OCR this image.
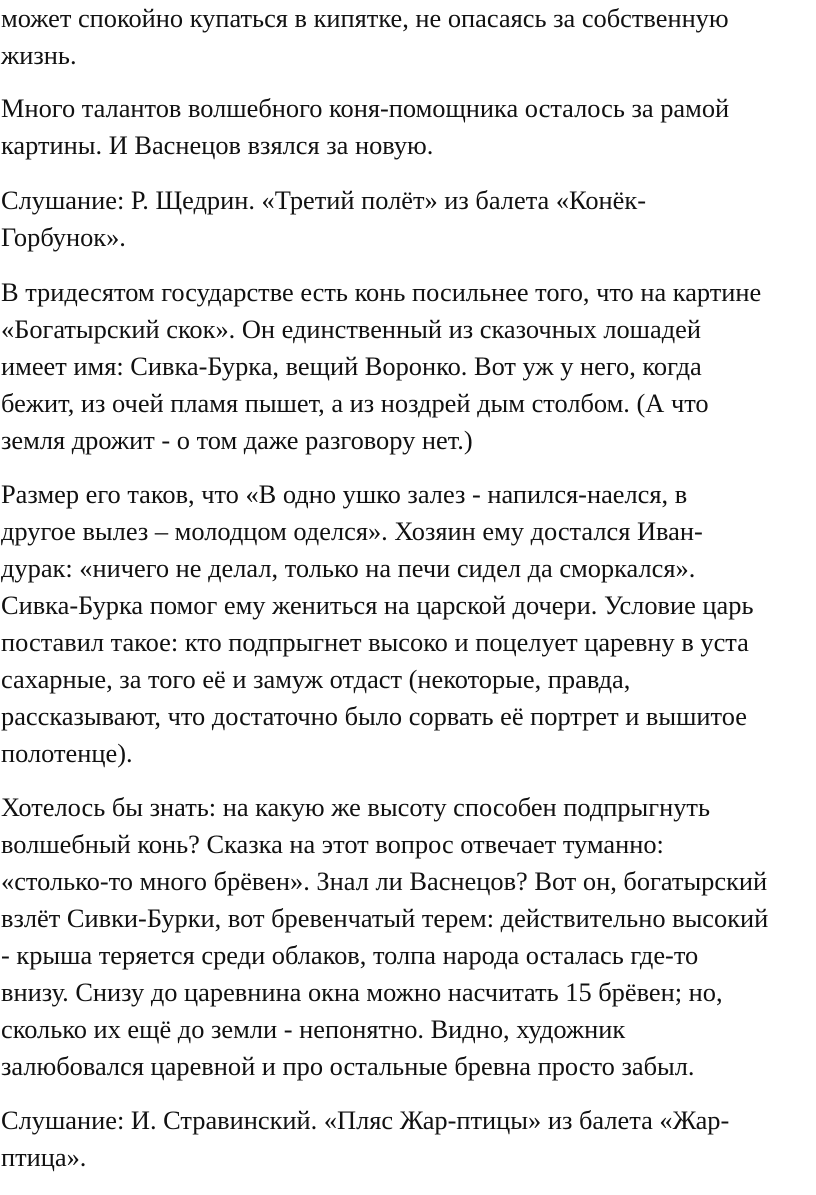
может спокойно купаться в кипятке, не опасаясь за собственную
жизнь.

Много талантов волшебного коня-помощника осталось за рамой
картины. И Васнецов взялся за новую.

Слушание: Р. Щедрин. «Третий полёт» из балета «Конёк-
Горбунок».

В тридесятом государстве есть конь посильнее того, что на картине
«Богатырский скок». Он единственный из сказочных лошадей
имеет имя: Сивка-Бурка, вещий Воронко. Вот уж у него, когда
бежит, из очей пламя пышет, а из ноздрей дым столбом. (А что
земля дрожит - о том даже разговору нет.)

Размер его таков, что «В одно ушко залез - напился-наелся, в
другое вылез – молодцом оделся». Хозяин ему достался Иван-
дурак: «ничего не делал, только на печи сидел да сморкался».
Сивка-Бурка помог ему жениться на царской дочери. Условие царь
поставил такое: кто подпрыгнет высоко и поцелует царевну в уста
сахарные, за того её и замуж отдаст (некоторые, правда,
рассказывают, что достаточно было сорвать её портрет и вышитое
полотенце).

Хотелось бы знать: на какую же высоту способен подпрыгнуть
волшебный конь? Сказка на этот вопрос отвечает туманно:
«столько-то много брёвен». Знал ли Васнецов? Вот он, богатырский
взлёт Сивки-Бурки, вот бревенчатый терем: действительно высокий
- крыша теряется среди облаков, толпа народа осталась где-то
внизу. Снизу до царевнина окна можно насчитать 15 брёвен; но,
сколько их ещё до земли - непонятно. Видно, художник
залюбовался царевной и про остальные бревна просто забыл.

Слушание: И. Стравинский. «Пляс Жар-птицы» из балета «Жар-
птица».
